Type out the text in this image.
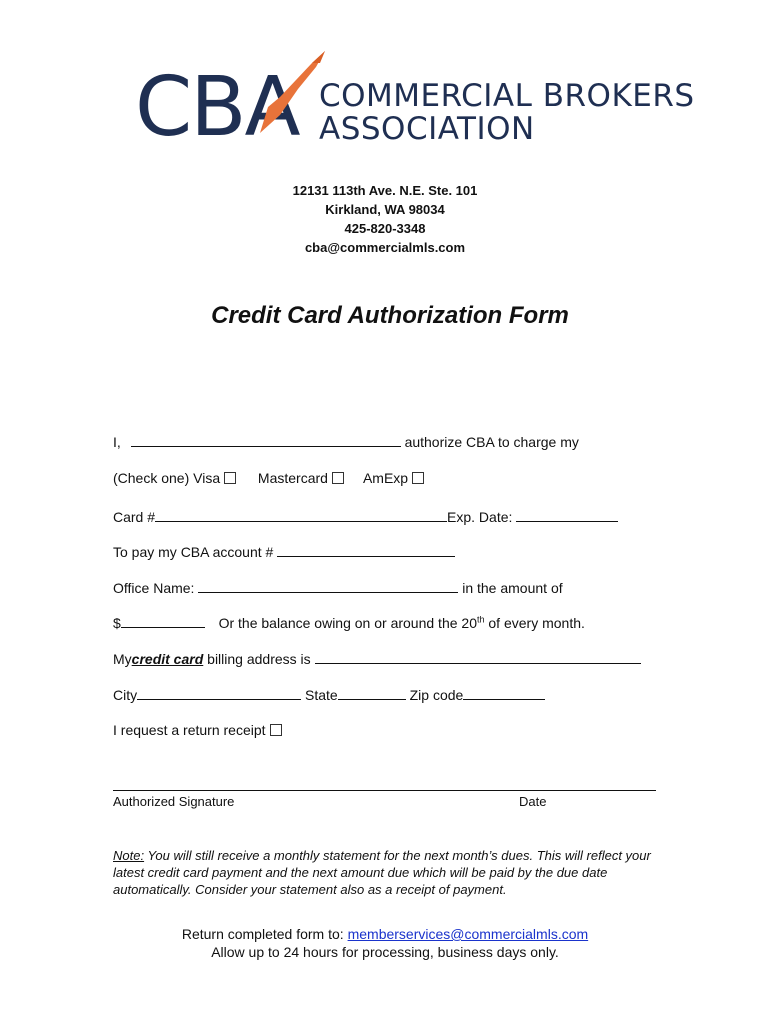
CBA COMMERCIAL BROKERS
ASSOCIATION
12131 113th Ave. N.E. Ste. 101
Kirkland, WA 98034
425-820-3348
cba@commercialmls.com
Credit Card Authorization Form
I,	authorize CBA to charge my
(Check one) Visa	Mastercard	AmExp
Card #	Exp. Date:
To pay my CBA account #
Office Name:	in the amount of
$	Or the balance owing on or around the 20th of every month.
Mycredit card billing address is
City	State	Zip code
I request a return receipt
Authorized Signature	Date
Note: You will still receive a monthly statement for the next month’s dues. This will reflect your latest credit card payment and the next amount due which will be paid by the due date automatically. Consider your statement also as a receipt of payment.
Return completed form to: memberservices@commercialmls.com
Allow up to 24 hours for processing, business days only.
